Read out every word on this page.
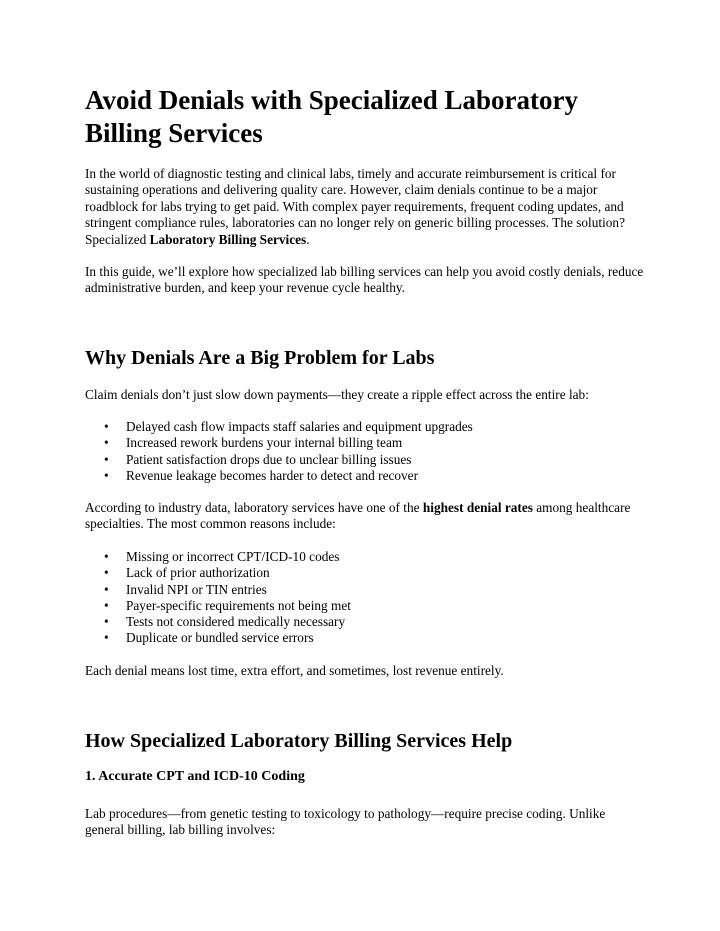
Avoid Denials with Specialized Laboratory Billing Services

In the world of diagnostic testing and clinical labs, timely and accurate reimbursement is critical for sustaining operations and delivering quality care. However, claim denials continue to be a major roadblock for labs trying to get paid. With complex payer requirements, frequent coding updates, and stringent compliance rules, laboratories can no longer rely on generic billing processes. The solution? Specialized Laboratory Billing Services.

In this guide, we’ll explore how specialized lab billing services can help you avoid costly denials, reduce administrative burden, and keep your revenue cycle healthy.

Why Denials Are a Big Problem for Labs

Claim denials don’t just slow down payments—they create a ripple effect across the entire lab:

• Delayed cash flow impacts staff salaries and equipment upgrades
• Increased rework burdens your internal billing team
• Patient satisfaction drops due to unclear billing issues
• Revenue leakage becomes harder to detect and recover

According to industry data, laboratory services have one of the highest denial rates among healthcare specialties. The most common reasons include:

• Missing or incorrect CPT/ICD-10 codes
• Lack of prior authorization
• Invalid NPI or TIN entries
• Payer-specific requirements not being met
• Tests not considered medically necessary
• Duplicate or bundled service errors

Each denial means lost time, extra effort, and sometimes, lost revenue entirely.

How Specialized Laboratory Billing Services Help
1. Accurate CPT and ICD-10 Coding

Lab procedures—from genetic testing to toxicology to pathology—require precise coding. Unlike general billing, lab billing involves:
